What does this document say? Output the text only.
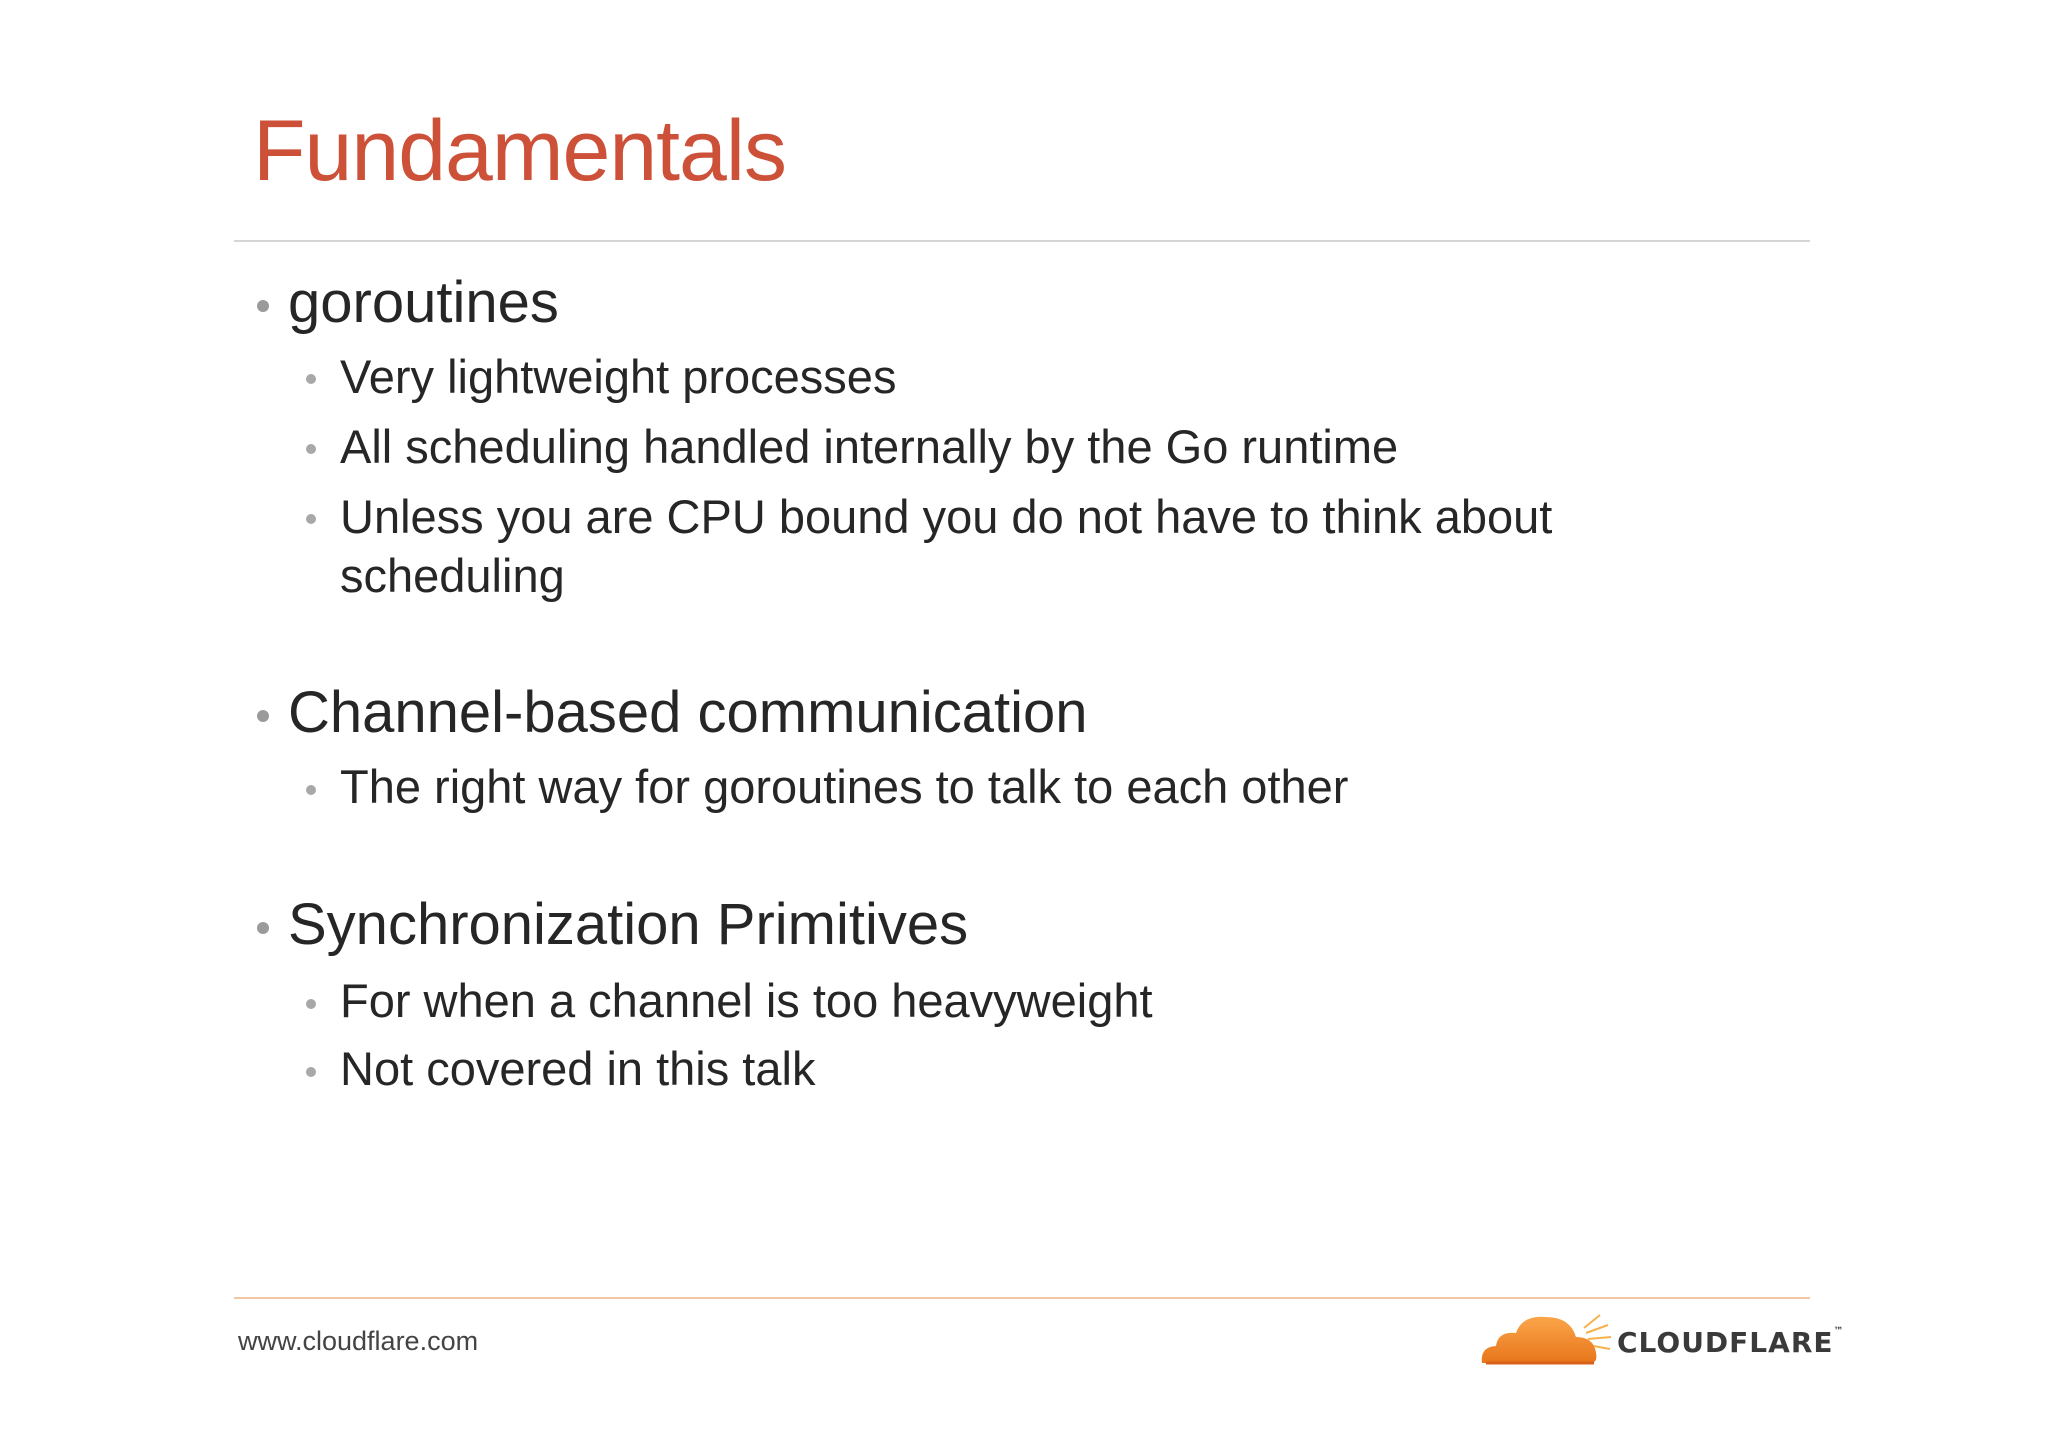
Fundamentals
goroutines
Very lightweight processes
All scheduling handled internally by the Go runtime
Unless you are CPU bound you do not have to think about
scheduling
Channel-based communication
The right way for goroutines to talk to each other
Synchronization Primitives
For when a channel is too heavyweight
Not covered in this talk
www.cloudflare.com	CLOUDFLARE™
